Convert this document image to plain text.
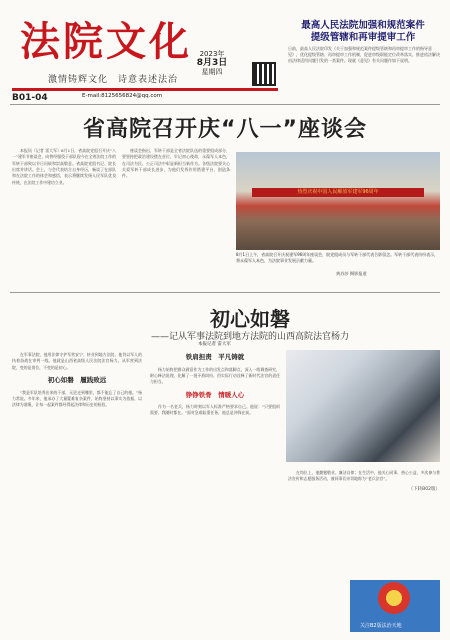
法院文化
激情铸辉文化　诗意表述法治
B01-04	E-mail:8125656824@qq.com
2023年
8月3日
星期四
最高人民法院加强和规范案件
提级管辖和再审提审工作
日前，最高人民法院印发《关于加强和规范案件提级管辖和再审提审工作的指导意见》，优化提级管辖、再审提审工作机制，促进审级职能定位改革落实，推进依法解决由法律适用问题引发的一类案件。现就《意见》有关问题作如下说明。
省高院召开庆“八一”座谈会

本报讯（记者 雷大军）8月1日，省高院党组召开庆“八一”建军节座谈会，向曾经服役于部队现今在全省法院工作的军转干部致以节日问候和崇高敬意。省高院党组书记、院长出席并讲话。会上，与会代表结合自身经历，畅谈了在部队和在法院工作的体会和感悟，表示将继续发扬人民军队优良传统，在法院工作中建功立业。

座谈会指出，军转干部是全省法院队伍的重要组成部分，要坚持把政治建设摆在首位，牢记初心使命，永葆军人本色，在司法为民、公正司法中彰显新担当新作为。各级法院要关心关爱军转干部成长进步，为他们发挥作用搭建平台、创造条件。

热烈庆祝中国人民解放军建军96周年
8月1日上午，省高院召开庆祝建军96周年座谈会，院党组成员与军转干部代表合影留念。军转干部代表纷纷表示，将永葆军人本色，为法院事业发展贡献力量。
黄苏莎 摄影报道
初心如磐
——记从军事法院到地方法院的山西高院法官杨力
本报记者 雷大军

在军事法院，他用法律守护军营安宁；转业到地方法院，他仍以军人的执着奋战在审判一线。他就是山西省高级人民法院法官杨力。从军营到法院，变的是岗位，不变的是初心。

初心如磐　履践致远

“我是军队培养出来的干部，无论走到哪里，都不能忘了自己的根。”杨力常说。多年来，他承办了大量疑难复杂案件，始终坚持以事实为依据、以法律为准绳，让每一起案件都经得起法律和历史的检验。

铁肩担责　平凡铸就

杨力始终把群众满意作为工作的出发点和落脚点，深入一线调查研究，耐心释法说理，化解了一批矛盾纠纷，用实际行动诠释了新时代法官的责任与担当。

铮铮铁骨　情暖人心

作为一名老兵，杨力时刻以军人标准严格要求自己。他说：“只要组织需要，我随时都在。”面对急难险重任务，他总是冲锋在前。

在岗位上，他勤勉敬业、廉洁自律；在生活中，他关心同事、热心公益，多次参与普法宣传和志愿服务活动，被同事们亲切地称为“老兵法官”。

（下转B02版）
关注B2版法治天地
